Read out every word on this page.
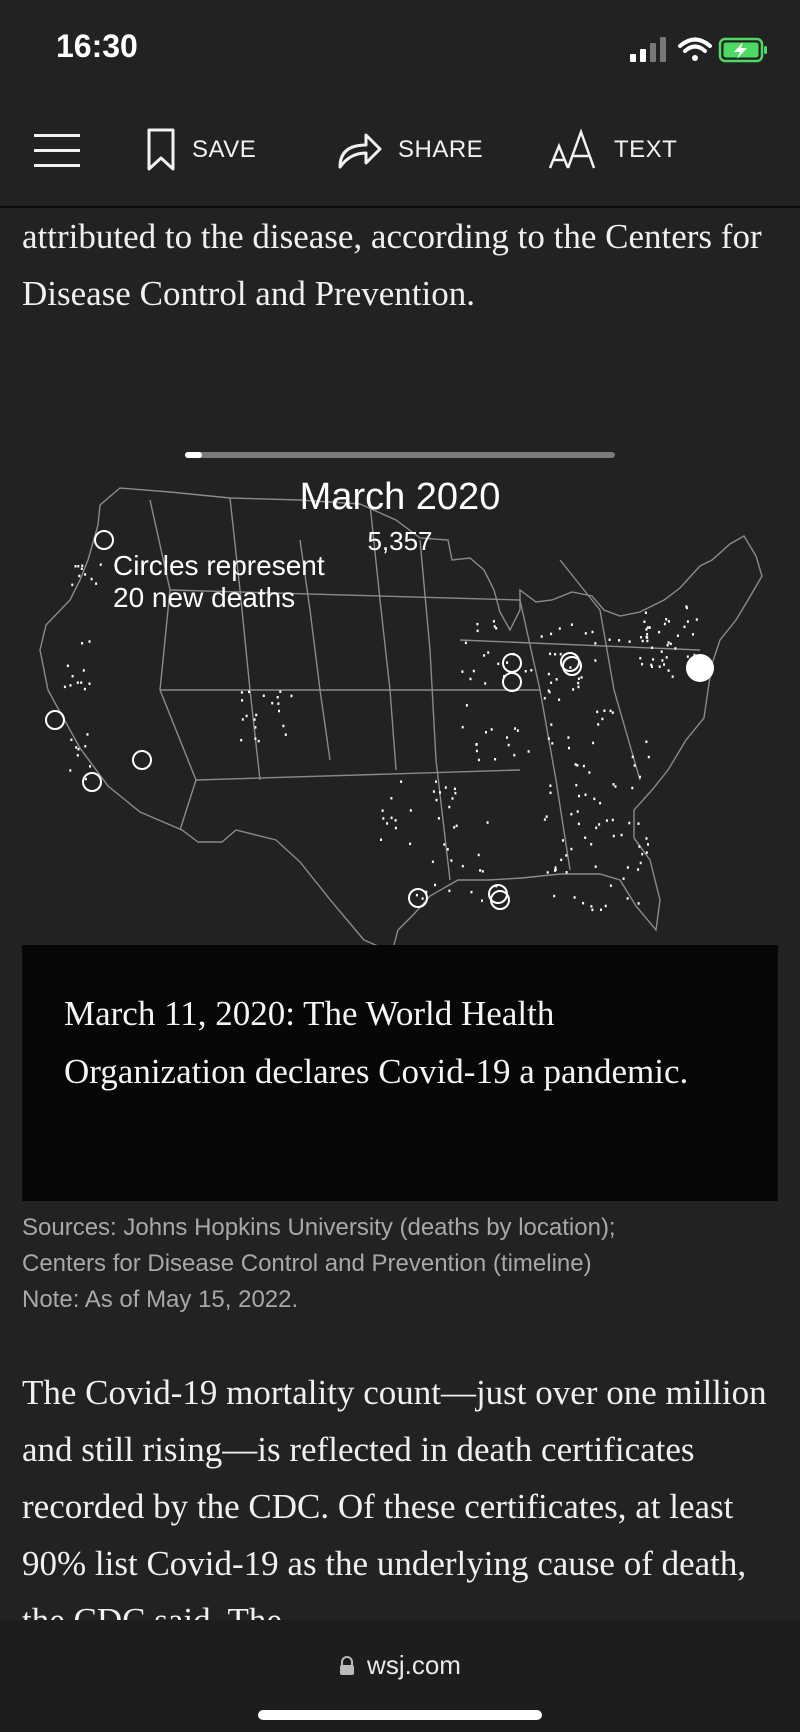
16:30
SAVE	SHARE	TEXT
attributed to the disease, according to the Centers for Disease Control and Prevention.
March 2020
5,357
Circles represent 20 new deaths
March 11, 2020: The World Health Organization declares Covid-19 a pandemic.
Sources: Johns Hopkins University (deaths by location);
Centers for Disease Control and Prevention (timeline)
Note: As of May 15, 2022.
The Covid-19 mortality count—just over one million and still rising—is reflected in death certificates recorded by the CDC. Of these certificates, at least 90% list Covid-19 as the underlying cause of death,
wsj.com
